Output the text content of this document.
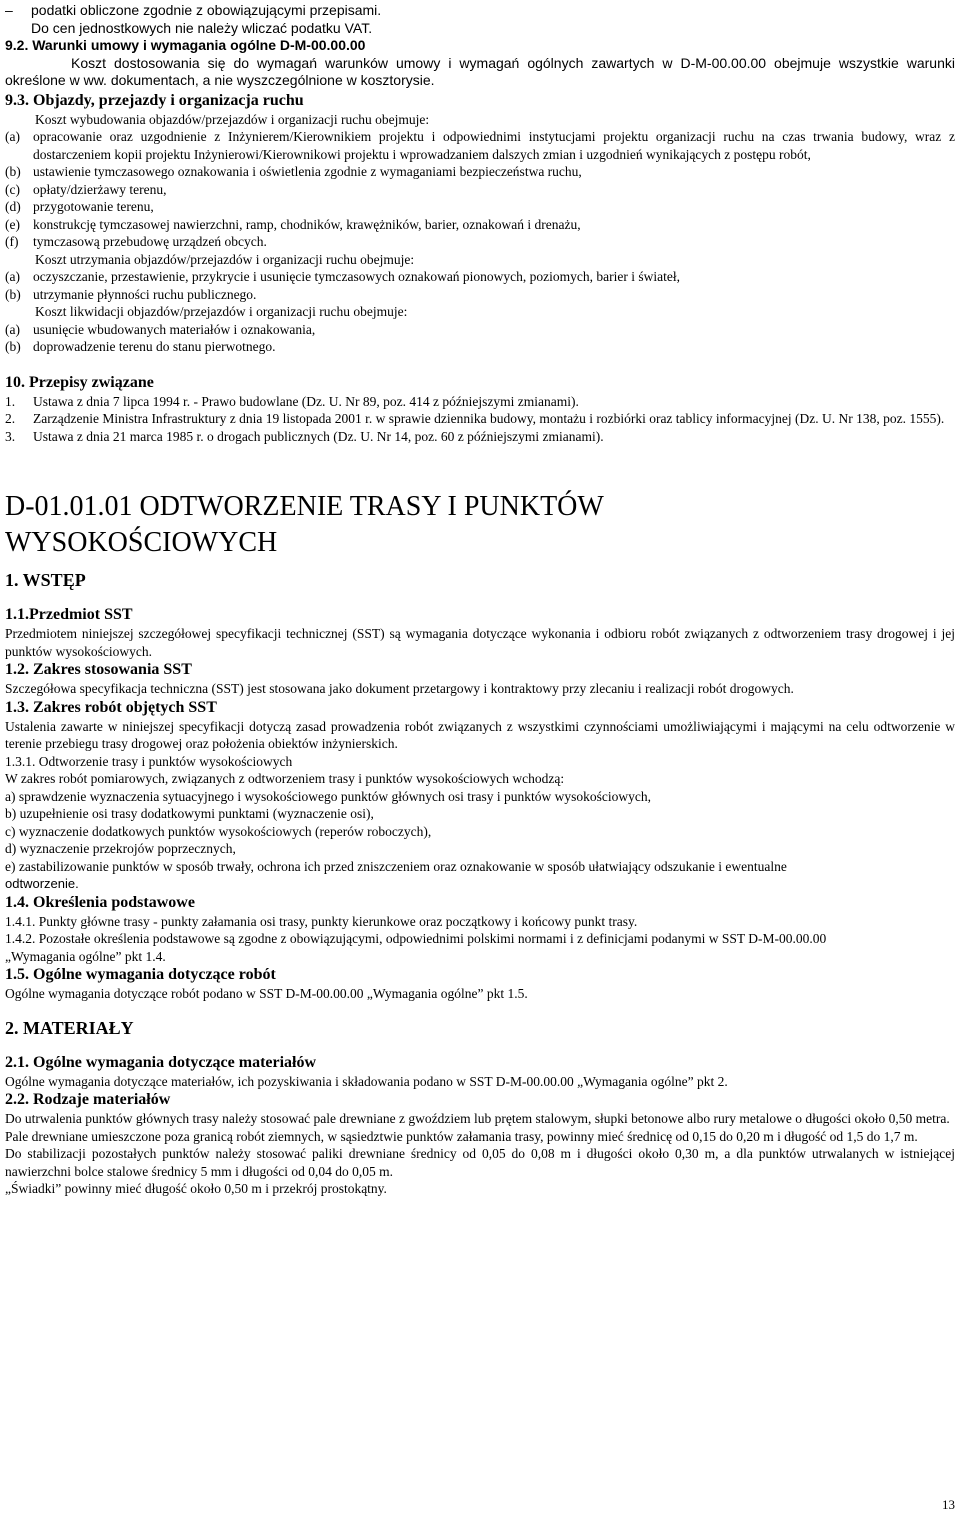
–	podatki obliczone zgodnie z obowiązującymi przepisami.
Do cen jednostkowych nie należy wliczać podatku VAT.

9.2. Warunki umowy i wymagania ogólne D-M-00.00.00

Koszt dostosowania się do wymagań warunków umowy i wymagań ogólnych zawartych w D-M-00.00.00 obejmuje wszystkie warunki określone w ww. dokumentach, a nie wyszczególnione w kosztorysie.

9.3. Objazdy, przejazdy i organizacja ruchu

Koszt wybudowania objazdów/przejazdów i organizacji ruchu obejmuje:

(a) opracowanie oraz uzgodnienie z Inżynierem/Kierownikiem projektu i odpowiednimi instytucjami projektu organizacji ruchu na czas trwania budowy, wraz z dostarczeniem kopii projektu Inżynierowi/Kierownikowi projektu i wprowadzaniem dalszych zmian i uzgodnień wynikających z postępu robót,
(b) ustawienie tymczasowego oznakowania i oświetlenia zgodnie z wymaganiami bezpieczeństwa ruchu,
(c) opłaty/dzierżawy terenu,
(d) przygotowanie terenu,
(e) konstrukcję tymczasowej nawierzchni, ramp, chodników, krawężników, barier, oznakowań i drenażu,
(f)	tymczasową przebudowę urządzeń obcych.

Koszt utrzymania objazdów/przejazdów i organizacji ruchu obejmuje:

(a) oczyszczanie, przestawienie, przykrycie i usunięcie tymczasowych oznakowań pionowych, poziomych, barier i świateł,
(b) utrzymanie płynności ruchu publicznego.

Koszt likwidacji objazdów/przejazdów i organizacji ruchu obejmuje:

(a) usunięcie wbudowanych materiałów i oznakowania,
(b) doprowadzenie terenu do stanu pierwotnego.

10. Przepisy związane

1.	Ustawa z dnia 7 lipca 1994 r. - Prawo budowlane (Dz. U. Nr 89, poz. 414 z późniejszymi zmianami).
2.	Zarządzenie Ministra Infrastruktury z dnia 19 listopada 2001 r. w sprawie dziennika budowy, montażu i rozbiórki oraz tablicy informacyjnej (Dz. U. Nr 138, poz. 1555).
3.	Ustawa z dnia 21 marca 1985 r. o drogach publicznych (Dz. U. Nr 14, poz. 60 z późniejszymi zmianami).

D-01.01.01 ODTWORZENIE TRASY I PUNKTÓW

WYSOKOŚCIOWYCH

1. WSTĘP

1.1.Przedmiot SST

Przedmiotem niniejszej szczegółowej specyfikacji technicznej (SST) są wymagania dotyczące wykonania i odbioru robót związanych z odtworzeniem trasy drogowej i jej punktów wysokościowych.

1.2. Zakres stosowania SST

Szczegółowa specyfikacja techniczna (SST) jest stosowana jako dokument przetargowy i kontraktowy przy zlecaniu i realizacji robót drogowych.

1.3. Zakres robót objętych SST

Ustalenia zawarte w niniejszej specyfikacji dotyczą zasad prowadzenia robót związanych z wszystkimi czynnościami umożliwiającymi i mającymi na celu odtworzenie w terenie przebiegu trasy drogowej oraz położenia obiektów inżynierskich.

1.3.1. Odtworzenie trasy i punktów wysokościowych

W zakres robót pomiarowych, związanych z odtworzeniem trasy i punktów wysokościowych wchodzą:

a) sprawdzenie wyznaczenia sytuacyjnego i wysokościowego punktów głównych osi trasy i punktów wysokościowych,

b) uzupełnienie osi trasy dodatkowymi punktami (wyznaczenie osi),

c) wyznaczenie dodatkowych punktów wysokościowych (reperów roboczych),

d) wyznaczenie przekrojów poprzecznych,

e) zastabilizowanie punktów w sposób trwały, ochrona ich przed zniszczeniem oraz oznakowanie w sposób ułatwiający odszukanie i ewentualne

odtworzenie.

1.4. Określenia podstawowe

1.4.1. Punkty główne trasy - punkty załamania osi trasy, punkty kierunkowe oraz początkowy i końcowy punkt trasy.

1.4.2. Pozostałe określenia podstawowe są zgodne z obowiązującymi, odpowiednimi polskimi normami i z definicjami podanymi w SST D-M-00.00.00

„Wymagania ogólne” pkt 1.4.

1.5. Ogólne wymagania dotyczące robót

Ogólne wymagania dotyczące robót podano w SST D-M-00.00.00 „Wymagania ogólne” pkt 1.5.

2. MATERIAŁY

2.1. Ogólne wymagania dotyczące materiałów

Ogólne wymagania dotyczące materiałów, ich pozyskiwania i składowania podano w SST D-M-00.00.00 „Wymagania ogólne” pkt 2.

2.2. Rodzaje materiałów

Do utrwalenia punktów głównych trasy należy stosować pale drewniane z gwoździem lub prętem stalowym, słupki betonowe albo rury metalowe o długości około 0,50 metra.

Pale drewniane umieszczone poza granicą robót ziemnych, w sąsiedztwie punktów załamania trasy, powinny mieć średnicę od 0,15 do 0,20 m i długość od 1,5 do 1,7 m.

Do stabilizacji pozostałych punktów należy stosować paliki drewniane średnicy od 0,05 do 0,08 m i długości około 0,30 m, a dla punktów utrwalanych w istniejącej nawierzchni bolce stalowe średnicy 5 mm i długości od 0,04 do 0,05 m.

„Świadki” powinny mieć długość około 0,50 m i przekrój prostokątny.

13
